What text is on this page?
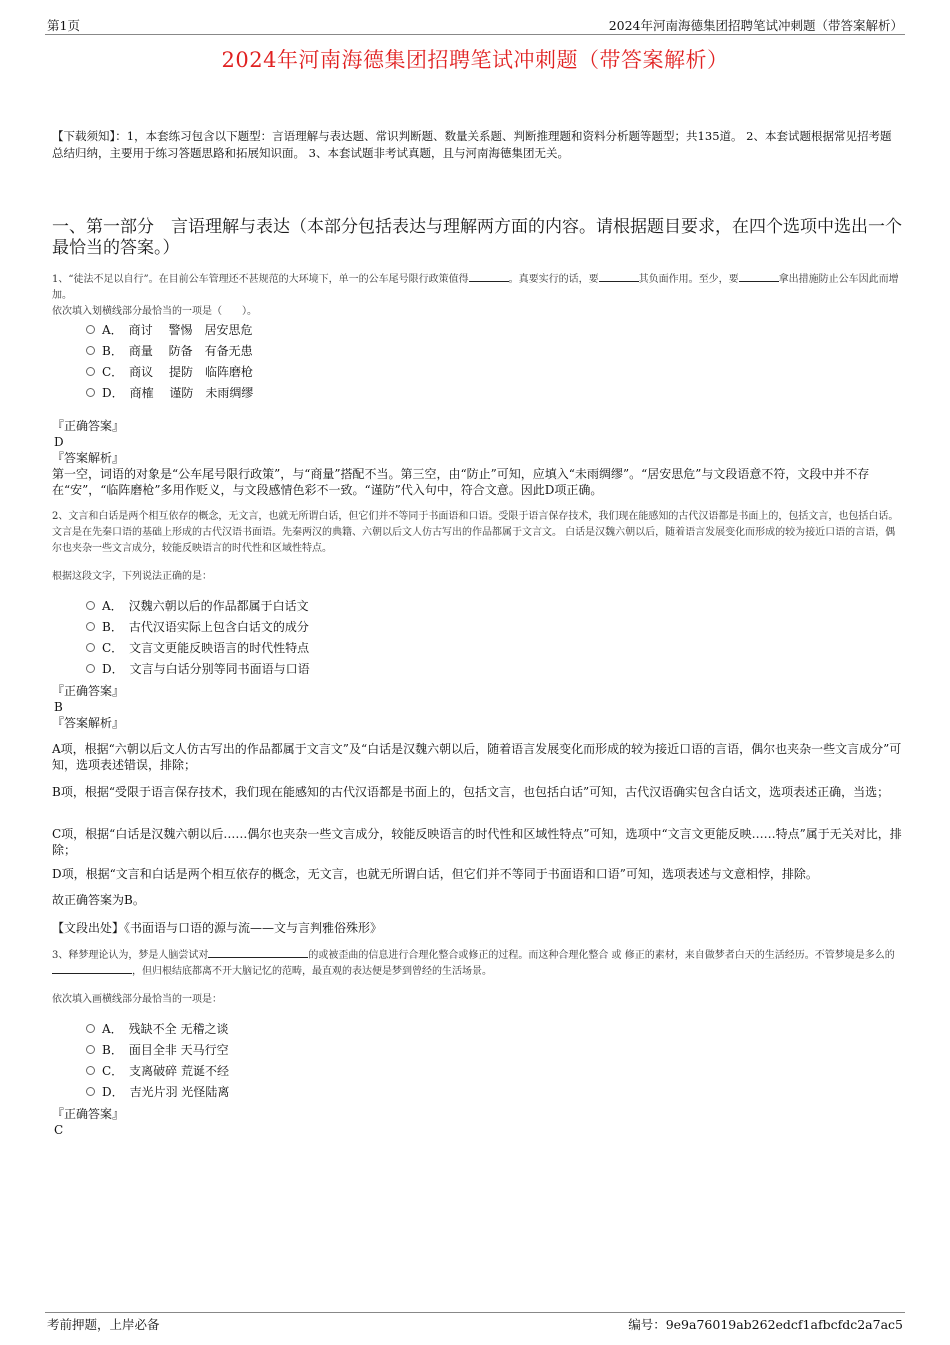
第1页	2024年河南海德集团招聘笔试冲刺题（带答案解析）
2024年河南海德集团招聘笔试冲刺题（带答案解析）
【下载须知】：1，本套练习包含以下题型：言语理解与表达题、常识判断题、数量关系题、判断推理题和资料分析题等题型；共135道。 2、本套试题根据常见招考题总结归纳，主要用于练习答题思路和拓展知识面。 3、本套试题非考试真题，且与河南海德集团无关。
一、第一部分　言语理解与表达（本部分包括表达与理解两方面的内容。请根据题目要求，在四个选项中选出一个最恰当的答案。）

1、“徒法不足以自行”。在目前公车管理还不甚规范的大环境下，单一的公车尾号限行政策值得	。真要实行的话，要	其负面作用。至少，要	拿出措施防止公车因此而增加。

依次填入划横线部分最恰当的一项是（　　）。

A．　商讨　 警惕　居安思危
B．　商量　 防备　有备无患
C．　商议　 提防　临阵磨枪
D．　商榷　 谨防　未雨绸缪

『正确答案』

D

『答案解析』

第一空，词语的对象是“公车尾号限行政策”，与“商量”搭配不当。第三空，由“防止”可知，应填入“未雨绸缪”。“居安思危”与文段语意不符，文段中并不存在“安”，“临阵磨枪”多用作贬义，与文段感情色彩不一致。“谨防”代入句中，符合文意。因此D项正确。

2、文言和白话是两个相互依存的概念，无文言，也就无所谓白话，但它们并不等同于书面语和口语。受限于语言保存技术，我们现在能感知的古代汉语都是书面上的，包括文言，也包括白话。文言是在先秦口语的基础上形成的古代汉语书面语。先秦两汉的典籍、六朝以后文人仿古写出的作品都属于文言文。 白话是汉魏六朝以后，随着语言发展变化而形成的较为接近口语的言语，偶尔也夹杂一些文言成分，较能反映语言的时代性和区域性特点。

根据这段文字，下列说法正确的是：

A．　汉魏六朝以后的作品都属于白话文
B．　古代汉语实际上包含白话文的成分
C．　文言文更能反映语言的时代性特点
D．　文言与白话分别等同书面语与口语

『正确答案』

B

『答案解析』

A项，根据“六朝以后文人仿古写出的作品都属于文言文”及“白话是汉魏六朝以后，随着语言发展变化而形成的较为接近口语的言语，偶尔也夹杂一些文言成分”可知，选项表述错误，排除；
B项，根据“受限于语言保存技术，我们现在能感知的古代汉语都是书面上的，包括文言，也包括白话”可知，古代汉语确实包含白话文，选项表述正确，当选；
C项，根据“白话是汉魏六朝以后……偶尔也夹杂一些文言成分，较能反映语言的时代性和区域性特点”可知，选项中“文言文更能反映……特点”属于无关对比，排除；
D项，根据“文言和白话是两个相互依存的概念，无文言，也就无所谓白话，但它们并不等同于书面语和口语”可知，选项表述与文意相悖，排除。
故正确答案为B。
【文段出处】《书面语与口语的源与流——文与言判雅俗殊形》

3、释梦理论认为，梦是人脑尝试对	的或被歪曲的信息进行合理化整合或修正的过程。而这种合理化整合 或 修正的素材，来自做梦者白天的生活经历。不管梦境是多么的，但归根结底都离不开大脑记忆的范畴，最直观的表达便是梦到曾经的生活场景。

依次填入画横线部分最恰当的一项是：

A．　残缺不全 无稽之谈
B．　面目全非 天马行空
C．　支离破碎 荒诞不经
D．　吉光片羽 光怪陆离

『正确答案』

C

考前押题，上岸必备	编号：9e9a76019ab262edcf1afbcfdc2a7ac5
